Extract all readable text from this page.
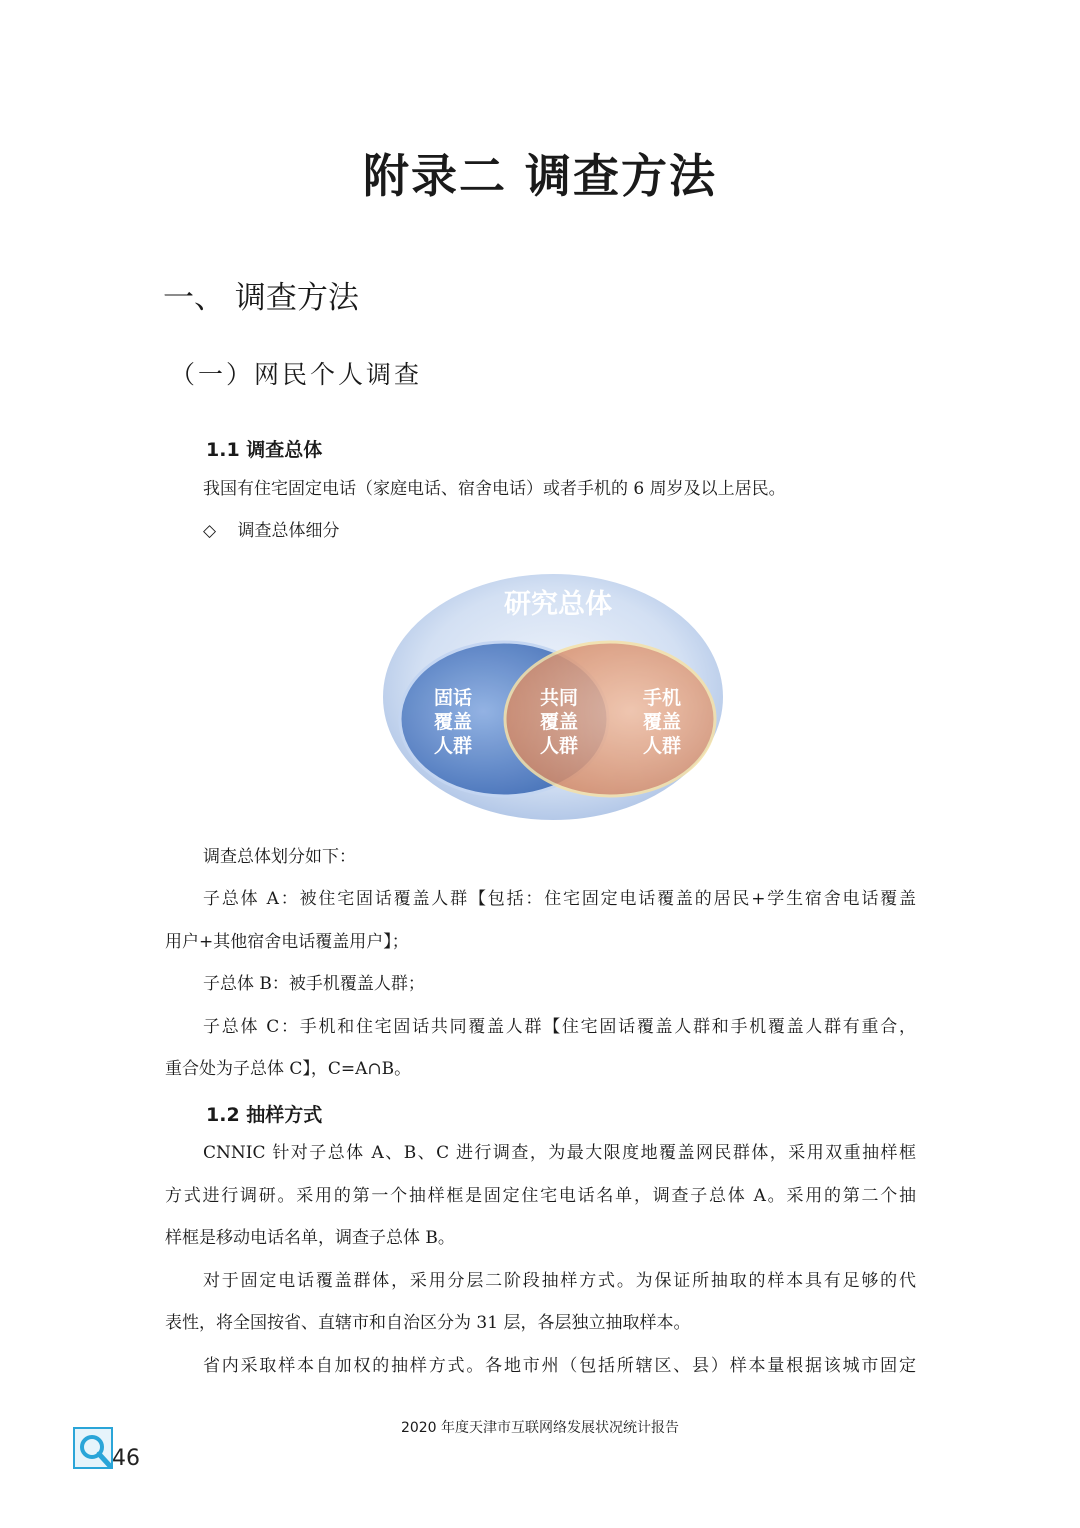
附录二 调查方法
一、 调查方法
（一）网民个人调查
1.1 调查总体
我国有住宅固定电话（家庭电话、宿舍电话）或者手机的 6 周岁及以上居民。
◇ 调查总体细分
研究总体
固话
覆盖
人群
共同
覆盖
人群
手机
覆盖
人群
调查总体划分如下：
子总体 A：被住宅固话覆盖人群【包括：住宅固定电话覆盖的居民+学生宿舍电话覆盖
用户+其他宿舍电话覆盖用户】；
子总体 B：被手机覆盖人群；
子总体 C：手机和住宅固话共同覆盖人群【住宅固话覆盖人群和手机覆盖人群有重合，
重合处为子总体 C】，C=A∩B。
1.2 抽样方式
CNNIC 针对子总体 A、B、C 进行调查，为最大限度地覆盖网民群体，采用双重抽样框
方式进行调研。采用的第一个抽样框是固定住宅电话名单，调查子总体 A。采用的第二个抽
样框是移动电话名单，调查子总体 B。
对于固定电话覆盖群体，采用分层二阶段抽样方式。为保证所抽取的样本具有足够的代
表性，将全国按省、直辖市和自治区分为 31 层，各层独立抽取样本。
省内采取样本自加权的抽样方式。各地市州（包括所辖区、县）样本量根据该城市固定
2020 年度天津市互联网络发展状况统计报告
46
